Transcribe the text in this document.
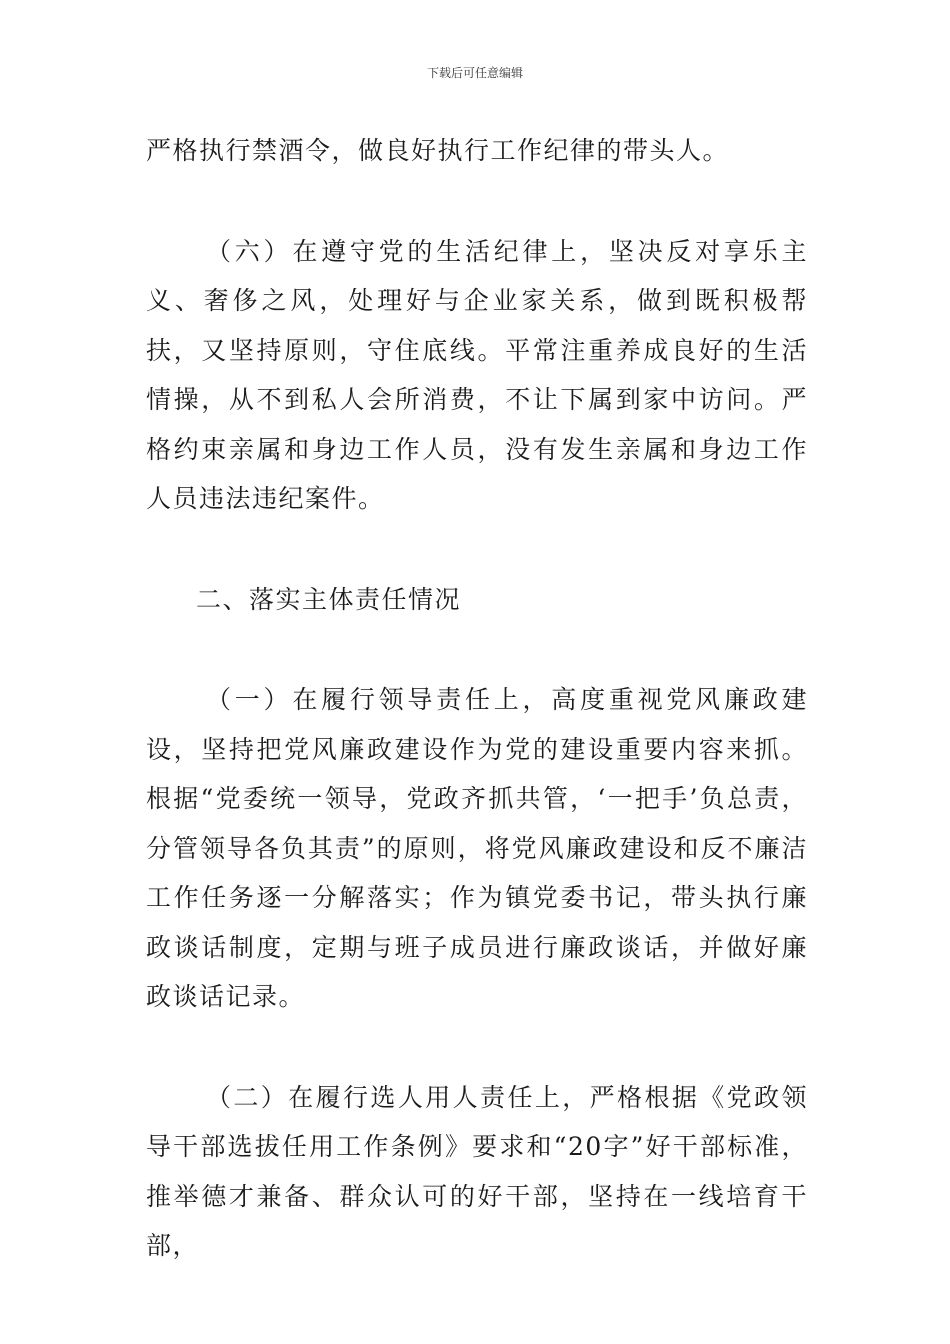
下载后可任意编辑

严格执行禁酒令，做良好执行工作纪律的带头人。

（六）在遵守党的生活纪律上，坚决反对享乐主义、奢侈之风，处理好与企业家关系，做到既积极帮扶，又坚持原则，守住底线。平常注重养成良好的生活情操，从不到私人会所消费，不让下属到家中访问。严格约束亲属和身边工作人员，没有发生亲属和身边工作人员违法违纪案件。

二、落实主体责任情况

（一）在履行领导责任上，高度重视党风廉政建设，坚持把党风廉政建设作为党的建设重要内容来抓。根据“党委统一领导，党政齐抓共管，‘一把手’负总责，分管领导各负其责”的原则，将党风廉政建设和反不廉洁工作任务逐一分解落实；作为镇党委书记，带头执行廉政谈话制度，定期与班子成员进行廉政谈话，并做好廉政谈话记录。

（二）在履行选人用人责任上，严格根据《党政领导干部选拔任用工作条例》要求和“20字”好干部标准，推举德才兼备、群众认可的好干部，坚持在一线培育干部，
